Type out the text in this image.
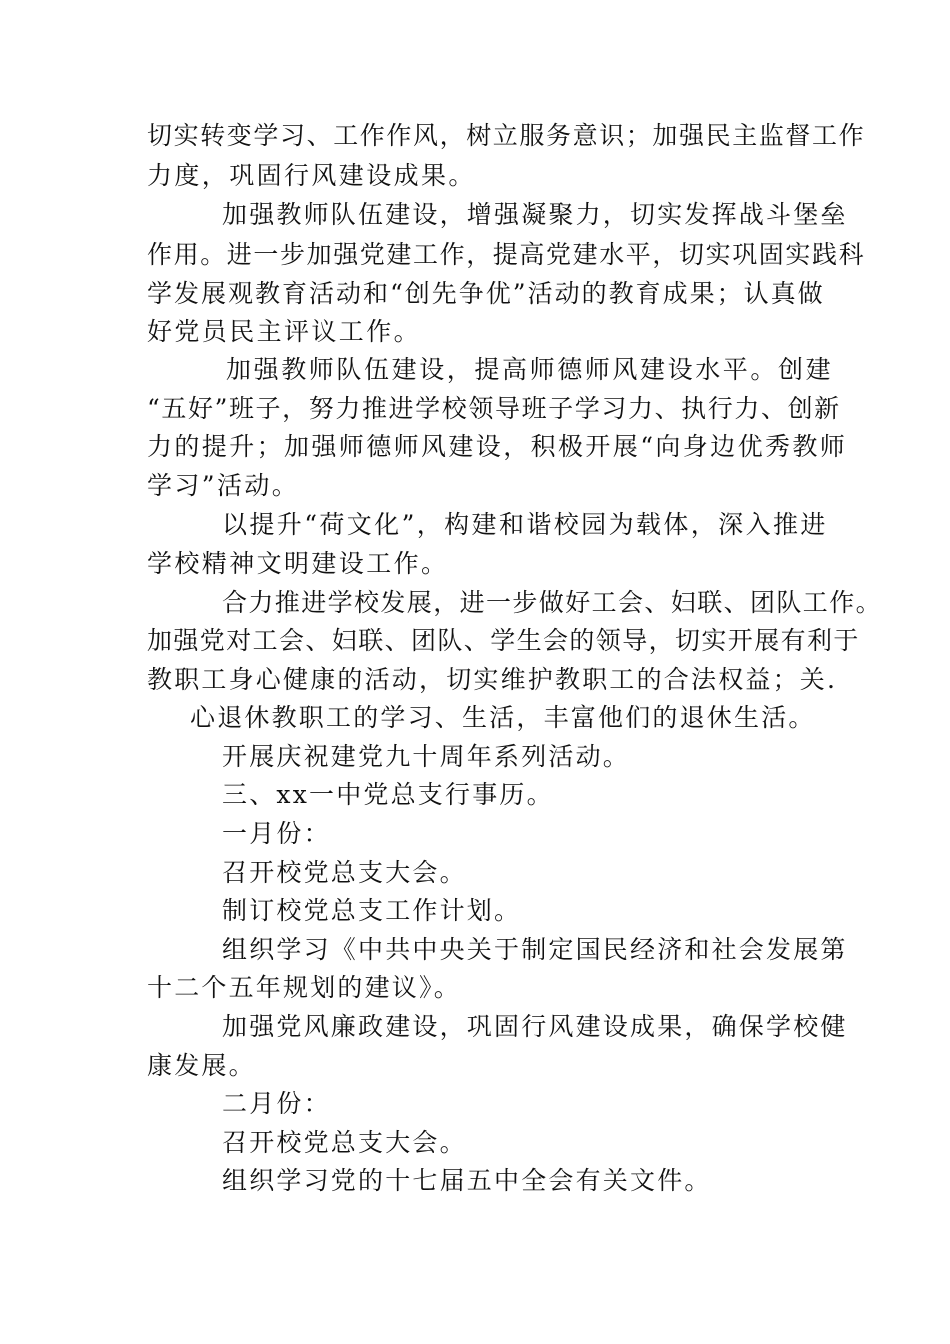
切实转变学习、工作作风，树立服务意识；加强民主监督工作
力度，巩固行风建设成果。
加强教师队伍建设，增强凝聚力，切实发挥战斗堡垒
作用。进一步加强党建工作，提高党建水平，切实巩固实践科
学发展观教育活动和“创先争优”活动的教育成果；认真做
好党员民主评议工作。
加强教师队伍建设，提高师德师风建设水平。创建
“五好”班子，努力推进学校领导班子学习力、执行力、创新
力的提升；加强师德师风建设，积极开展“向身边优秀教师
学习”活动。
以提升“荷文化”，构建和谐校园为载体，深入推进
学校精神文明建设工作。
合力推进学校发展，进一步做好工会、妇联、团队工作。
加强党对工会、妇联、团队、学生会的领导，切实开展有利于
教职工身心健康的活动，切实维护教职工的合法权益；关.
心退休教职工的学习、生活，丰富他们的退休生活。
开展庆祝建党九十周年系列活动。
三、xx一中党总支行事历。
一月份：
召开校党总支大会。
制订校党总支工作计划。
组织学习《中共中央关于制定国民经济和社会发展第
十二个五年规划的建议》。
加强党风廉政建设，巩固行风建设成果，确保学校健
康发展。
二月份：
召开校党总支大会。
组织学习党的十七届五中全会有关文件。
